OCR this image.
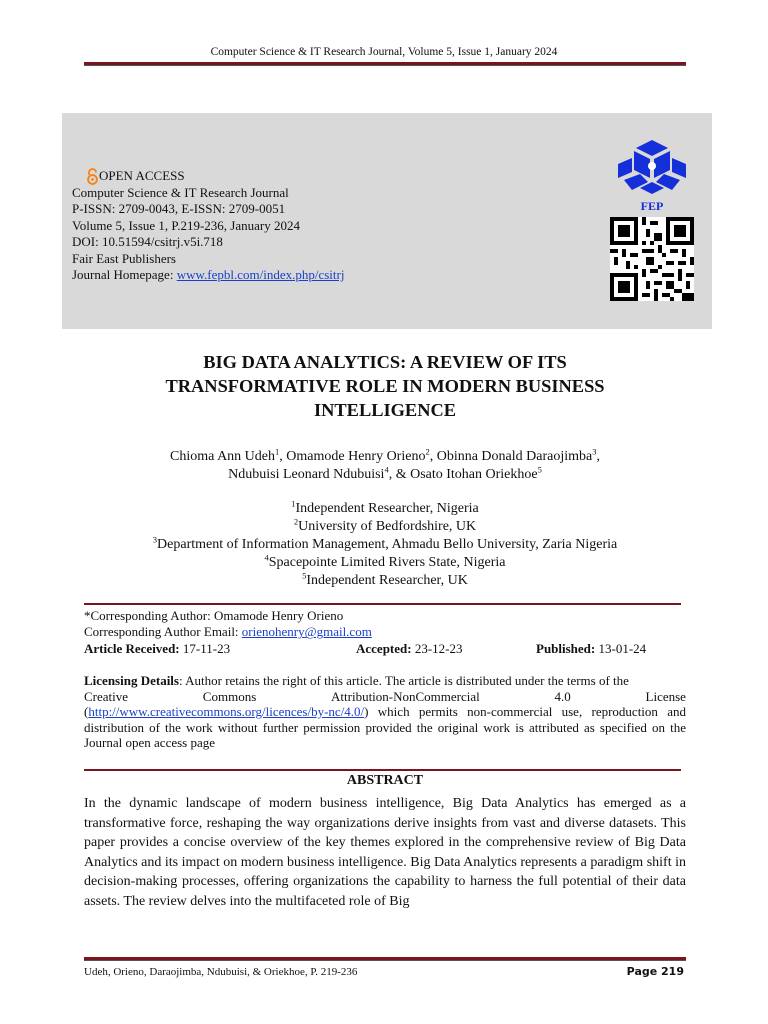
Computer Science & IT Research Journal, Volume 5, Issue 1, January 2024
OPEN ACCESS
Computer Science & IT Research Journal
P-ISSN: 2709-0043, E-ISSN: 2709-0051
Volume 5, Issue 1, P.219-236, January 2024
DOI: 10.51594/csitrj.v5i.718
Fair East Publishers
Journal Homepage: www.fepbl.com/index.php/csitrj
FEP
BIG DATA ANALYTICS: A REVIEW OF ITS
TRANSFORMATIVE ROLE IN MODERN BUSINESS
INTELLIGENCE
Chioma Ann Udeh$^1$, Omamode Henry Orieno$^2$, Obinna Donald Daraojimba$^3$,
Ndubuisi Leonard Ndubuisi$^4$, & Osato Itohan Oriekhoe$^5$
$^1$Independent Researcher, Nigeria
$^2$University of Bedfordshire, UK
$^3$Department of Information Management, Ahmadu Bello University, Zaria Nigeria
$^4$Spacepointe Limited Rivers State, Nigeria
$^5$Independent Researcher, UK
*Corresponding Author: Omamode Henry Orieno
Corresponding Author Email: orienohenry@gmail.com
Article Received: 17-11-23	Accepted: 23-12-23	Published: 13-01-24
Licensing Details: Author retains the right of this article. The article is distributed under the terms of the
Creative	Commons	Attribution-NonCommercial	4.0	License
(http://www.creativecommons.org/licences/by-nc/4.0/) which permits non-commercial use, reproduction and distribution of the work without further permission provided the original work is attributed as specified on the Journal open access page
ABSTRACT
In the dynamic landscape of modern business intelligence, Big Data Analytics has emerged as a transformative force, reshaping the way organizations derive insights from vast and diverse datasets. This paper provides a concise overview of the key themes explored in the comprehensive review of Big Data Analytics and its impact on modern business intelligence. Big Data Analytics represents a paradigm shift in decision-making processes, offering organizations the capability to harness the full potential of their data assets. The review delves into the multifaceted role of Big
Udeh, Orieno, Daraojimba, Ndubuisi, & Oriekhoe, P. 219-236	Page 219
